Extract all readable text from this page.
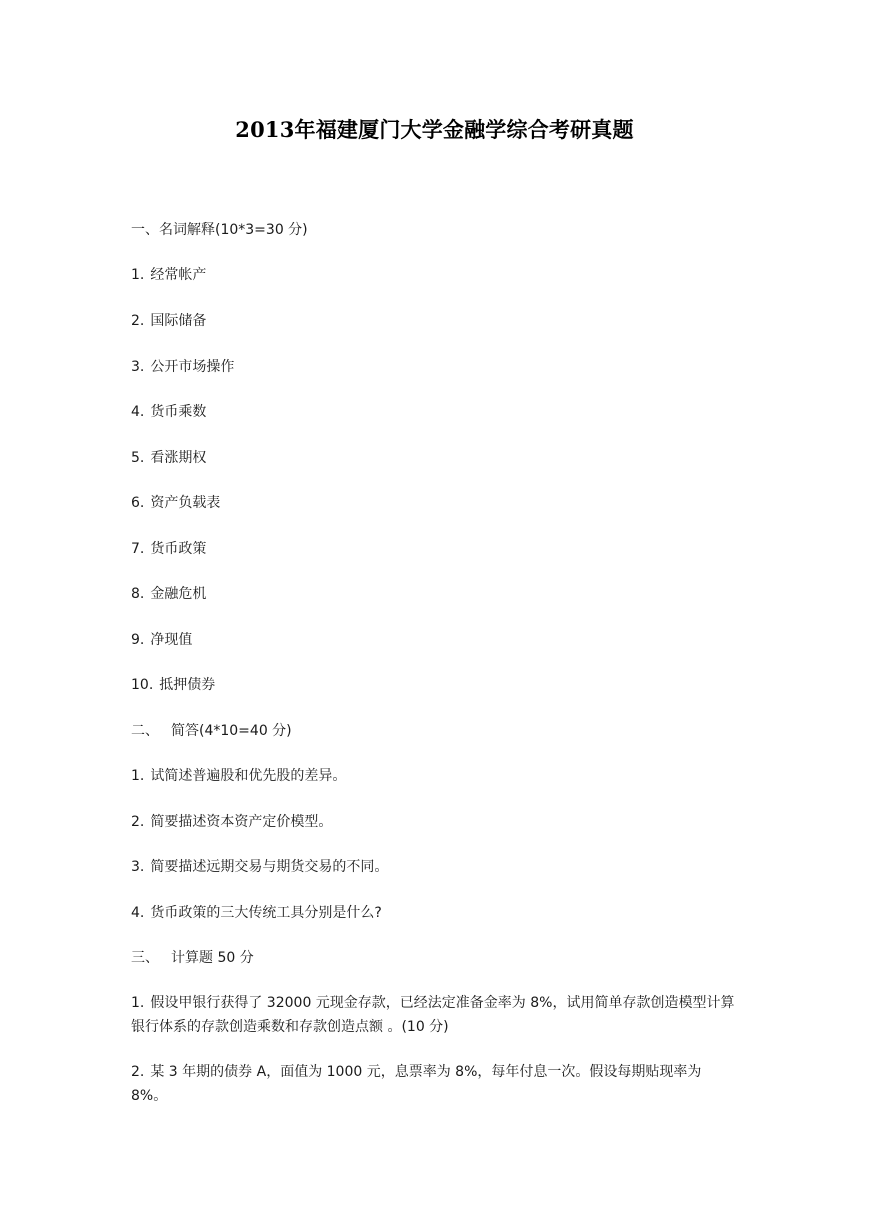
2013年福建厦门大学金融学综合考研真题
一、名词解释(10*3=30 分)
1. 经常帐产
2. 国际储备
3. 公开市场操作
4. 货币乘数
5. 看涨期权
6. 资产负载表
7. 货币政策
8. 金融危机
9. 净现值
10. 抵押债券
二、 简答(4*10=40 分)
1. 试简述普遍股和优先股的差异。
2. 简要描述资本资产定价模型。
3. 简要描述远期交易与期货交易的不同。
4. 货币政策的三大传统工具分别是什么?
三、 计算题 50 分
1. 假设甲银行获得了 32000 元现金存款，已经法定准备金率为 8%，试用简单存款创造模型计算银行体系的存款创造乘数和存款创造点额 。(10 分)
2. 某 3 年期的债券 A，面值为 1000 元，息票率为 8%，每年付息一次。假设每期贴现率为 8%。
